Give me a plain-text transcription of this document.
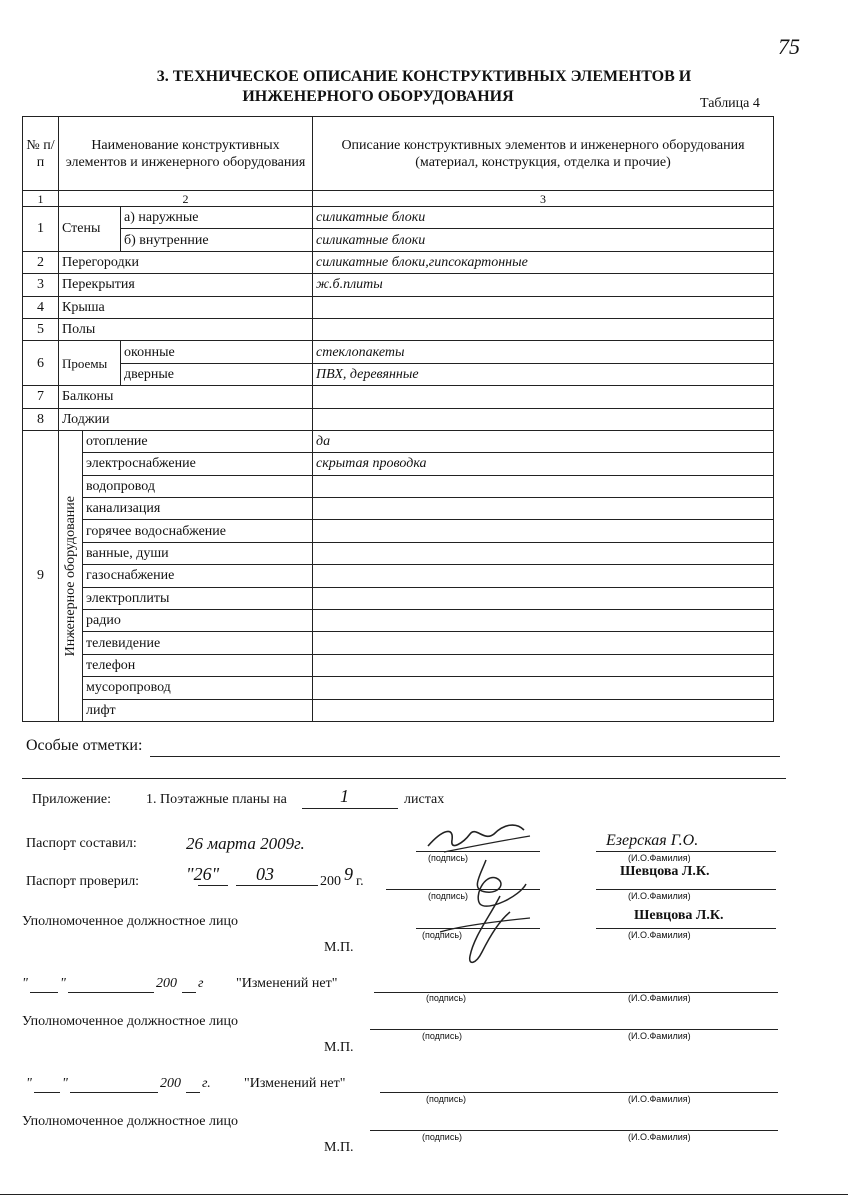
75
3. ТЕХНИЧЕСКОЕ ОПИСАНИЕ КОНСТРУКТИВНЫХ ЭЛЕМЕНТОВ И
ИНЖЕНЕРНОГО ОБОРУДОВАНИЯ	Таблица 4
№ п/п	Наименование конструктивных элементов и инженерного оборудования			Описание конструктивных элементов и инженерного оборудования (материал, конструкция, отделка и прочие)
1	2			3
1	Стены		а) наружные	силикатные блоки
			б) внутренние	силикатные блоки
2	Перегородки			силикатные блоки,гипсокартонные
3	Перекрытия			ж.б.плиты
4	Крыша			
5	Полы			
6	Проемы		оконные	стеклопакеты
			дверные	ПВХ, деревянные
7	Балконы			
8	Лоджии			
9	Инженерное оборудование	отопление		да
		электроснабжение		скрытая проводка
		водопровод		
		канализация		
		горячее водоснабжение		
		ванные, души		
		газоснабжение		
		электроплиты		
		радио		
		телевидение		
		телефон		
		мусоропровод		
		лифт		
Особые отметки:
Приложение: 1. Поэтажные планы на	1	листах
Паспорт составил:	26 марта 2009г.
(подпись)
Езерская Г.О.
(И.О.Фамилия)
Паспорт проверил:	"26" 03	200 9 г.
(подпись)
Шевцова Л.К.
(И.О.Фамилия)
Уполномоченное должностное лицо	Шевцова Л.К.
(подпись)	(И.О.Фамилия)
М.П.
" "	200 г "Изменений нет"
(подпись)	(И.О.Фамилия)
Уполномоченное должностное лицо
(подпись)	(И.О.Фамилия)
М.П.
" "	200 г. "Изменений нет"
(подпись)	(И.О.Фамилия)
Уполномоченное должностное лицо
(подпись)	(И.О.Фамилия)
М.П.
